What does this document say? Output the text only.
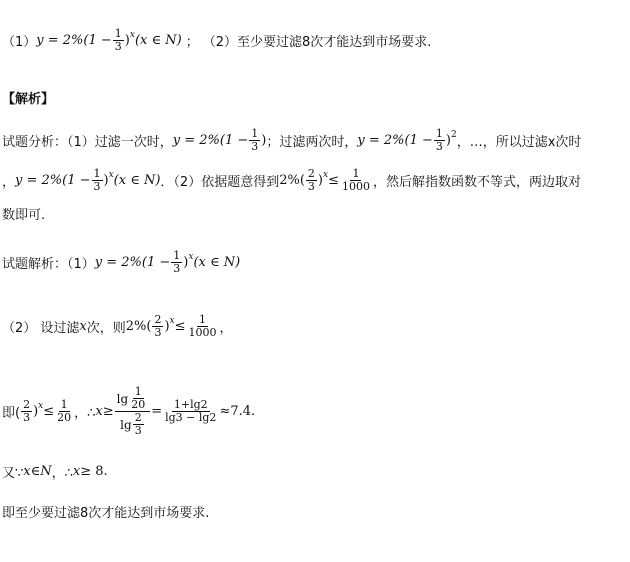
（1） $y = 2\%(1 - \frac{1}{3} )^x$ (x ∈ N) ； （2）至少要过滤8次才能达到市场要求.
【解析】
试题分析：（1）过滤一次时， $y = 2\%(1 - \frac{1}{3}$ ) ；过滤两次时， $y = 2\%(1 - \frac{1}{3} )^2$
，…，所以过滤x次时
， $y = 2\%(1 - \frac{1}{3} )^x$ (x ∈ N) ．（2）依据题意得到 $2\%( \frac{2}{3} )^x \le \frac{1}{1000}$ ，然后解指数函数不等式，两边取对
数即可.
试题解析：（1） $y = 2\%(1 - \frac{1}{3} )^x$ (x ∈ N)
（2） 设过滤 x 次，则 $2\%( \frac{2}{3} )^x \le \frac{1}{1000}$ ，
即( $\frac{2}{3} )^x \le \frac{1}{20}$ ，∴ $x \ge \frac{\lg \frac{1}{20}}{\lg \frac{2}{3}} = \frac{1+\lg 2}{\lg 3 - \lg 2} \approx 7.4$ .
又∵ x ∈ N ，∴ x ≥ 8 .
即至少要过滤8次才能达到市场要求.
